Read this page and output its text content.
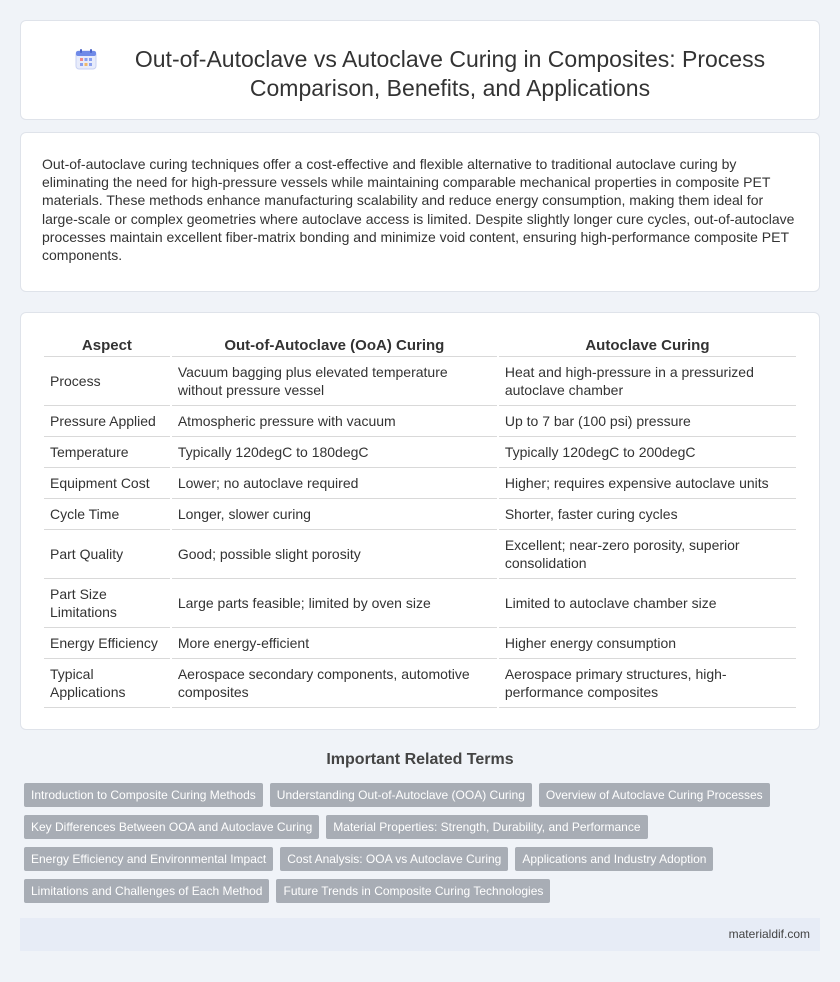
Out-of-Autoclave vs Autoclave Curing in Composites: Process Comparison, Benefits, and Applications

Out-of-autoclave curing techniques offer a cost-effective and flexible alternative to traditional autoclave curing by eliminating the need for high-pressure vessels while maintaining comparable mechanical properties in composite PET materials. These methods enhance manufacturing scalability and reduce energy consumption, making them ideal for large-scale or complex geometries where autoclave access is limited. Despite slightly longer cure cycles, out-of-autoclave processes maintain excellent fiber-matrix bonding and minimize void content, ensuring high-performance composite PET components.

Aspect	Out-of-Autoclave (OoA) Curing	Autoclave Curing
Process	Vacuum bagging plus elevated temperature without pressure vessel	Heat and high-pressure in a pressurized autoclave chamber
Pressure Applied	Atmospheric pressure with vacuum	Up to 7 bar (100 psi) pressure
Temperature	Typically 120degC to 180degC	Typically 120degC to 200degC
Equipment Cost	Lower; no autoclave required	Higher; requires expensive autoclave units
Cycle Time	Longer, slower curing	Shorter, faster curing cycles
Part Quality	Good; possible slight porosity	Excellent; near-zero porosity, superior consolidation
Part Size Limitations	Large parts feasible; limited by oven size	Limited to autoclave chamber size
Energy Efficiency	More energy-efficient	Higher energy consumption
Typical Applications	Aerospace secondary components, automotive composites	Aerospace primary structures, high-performance composites
Important Related Terms
Introduction to Composite Curing Methods	Understanding Out-of-Autoclave (OOA) Curing	Overview of Autoclave Curing Processes
Key Differences Between OOA and Autoclave Curing	Material Properties: Strength, Durability, and Performance
Energy Efficiency and Environmental Impact	Cost Analysis: OOA vs Autoclave Curing	Applications and Industry Adoption
Limitations and Challenges of Each Method	Future Trends in Composite Curing Technologies
materialdif.com
